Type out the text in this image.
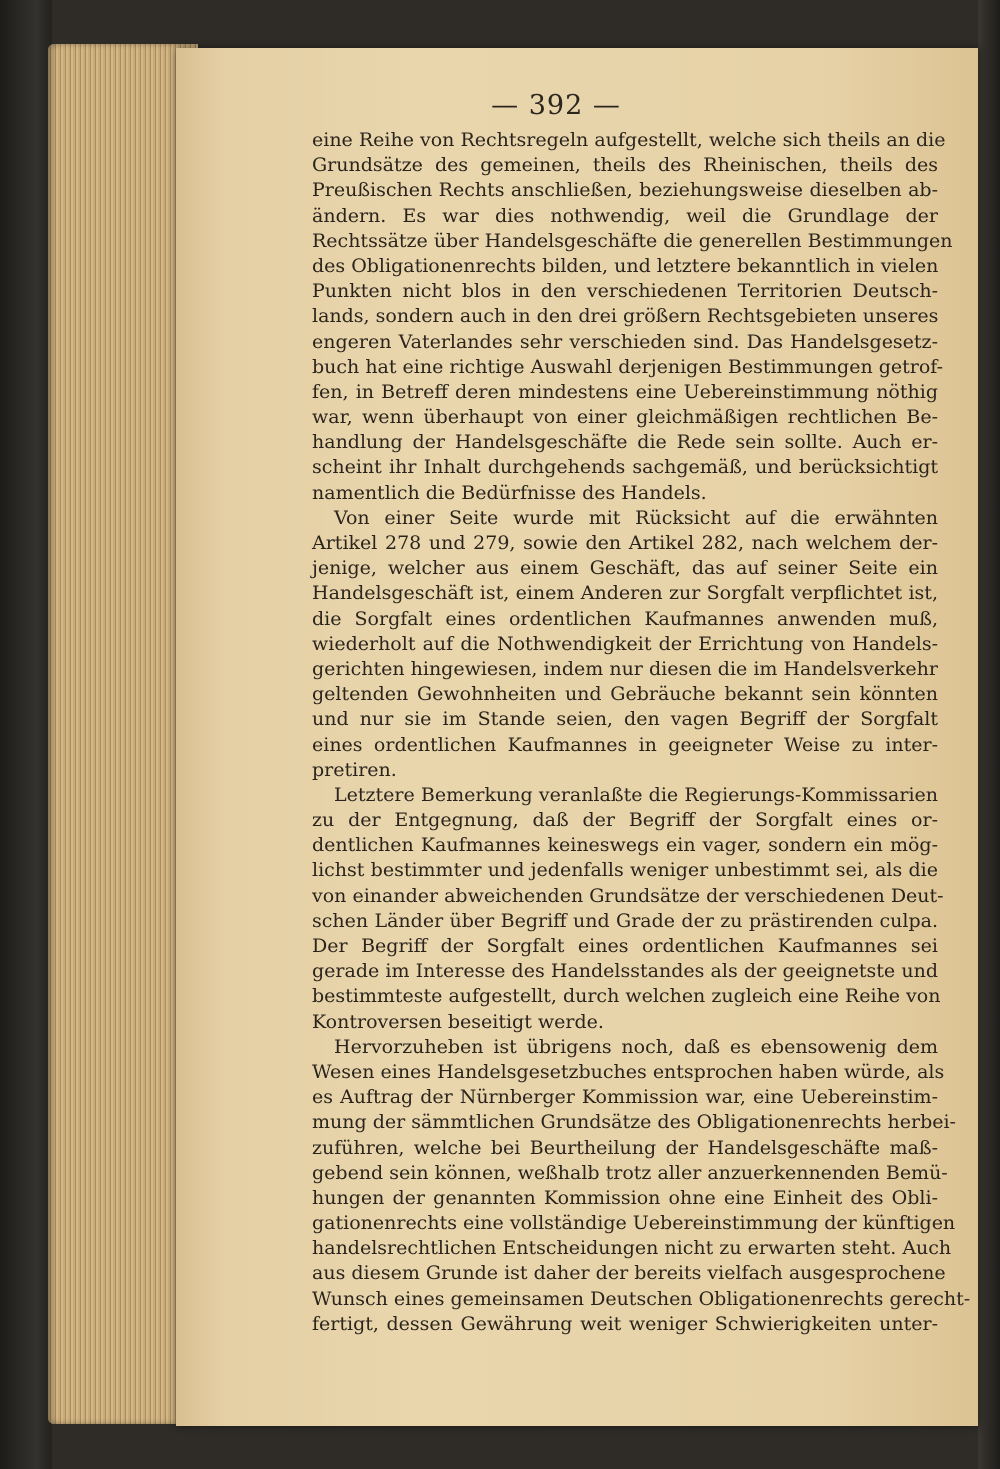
— 392 —
eine Reihe von Rechtsregeln aufgestellt, welche sich theils an die
Grundsätze des gemeinen, theils des Rheinischen, theils des
Preußischen Rechts anschließen, beziehungsweise dieselben ab-
ändern. Es war dies nothwendig, weil die Grundlage der
Rechtssätze über Handelsgeschäfte die generellen Bestimmungen
des Obligationenrechts bilden, und letztere bekanntlich in vielen
Punkten nicht blos in den verschiedenen Territorien Deutsch-
lands, sondern auch in den drei größern Rechtsgebieten unseres
engeren Vaterlandes sehr verschieden sind. Das Handelsgesetz-
buch hat eine richtige Auswahl derjenigen Bestimmungen getrof-
fen, in Betreff deren mindestens eine Uebereinstimmung nöthig
war, wenn überhaupt von einer gleichmäßigen rechtlichen Be-
handlung der Handelsgeschäfte die Rede sein sollte. Auch er-
scheint ihr Inhalt durchgehends sachgemäß, und berücksichtigt
namentlich die Bedürfnisse des Handels.
Von einer Seite wurde mit Rücksicht auf die erwähnten
Artikel 278 und 279, sowie den Artikel 282, nach welchem der-
jenige, welcher aus einem Geschäft, das auf seiner Seite ein
Handelsgeschäft ist, einem Anderen zur Sorgfalt verpflichtet ist,
die Sorgfalt eines ordentlichen Kaufmannes anwenden muß,
wiederholt auf die Nothwendigkeit der Errichtung von Handels-
gerichten hingewiesen, indem nur diesen die im Handelsverkehr
geltenden Gewohnheiten und Gebräuche bekannt sein könnten
und nur sie im Stande seien, den vagen Begriff der Sorgfalt
eines ordentlichen Kaufmannes in geeigneter Weise zu inter-
pretiren.
Letztere Bemerkung veranlaßte die Regierungs-Kommissarien
zu der Entgegnung, daß der Begriff der Sorgfalt eines or-
dentlichen Kaufmannes keineswegs ein vager, sondern ein mög-
lichst bestimmter und jedenfalls weniger unbestimmt sei, als die
von einander abweichenden Grundsätze der verschiedenen Deut-
schen Länder über Begriff und Grade der zu prästirenden culpa.
Der Begriff der Sorgfalt eines ordentlichen Kaufmannes sei
gerade im Interesse des Handelsstandes als der geeignetste und
bestimmteste aufgestellt, durch welchen zugleich eine Reihe von
Kontroversen beseitigt werde.
Hervorzuheben ist übrigens noch, daß es ebensowenig dem
Wesen eines Handelsgesetzbuches entsprochen haben würde, als
es Auftrag der Nürnberger Kommission war, eine Uebereinstim-
mung der sämmtlichen Grundsätze des Obligationenrechts herbei-
zuführen, welche bei Beurtheilung der Handelsgeschäfte maß-
gebend sein können, weßhalb trotz aller anzuerkennenden Bemü-
hungen der genannten Kommission ohne eine Einheit des Obli-
gationenrechts eine vollständige Uebereinstimmung der künftigen
handelsrechtlichen Entscheidungen nicht zu erwarten steht. Auch
aus diesem Grunde ist daher der bereits vielfach ausgesprochene
Wunsch eines gemeinsamen Deutschen Obligationenrechts gerecht-
fertigt, dessen Gewährung weit weniger Schwierigkeiten unter-
